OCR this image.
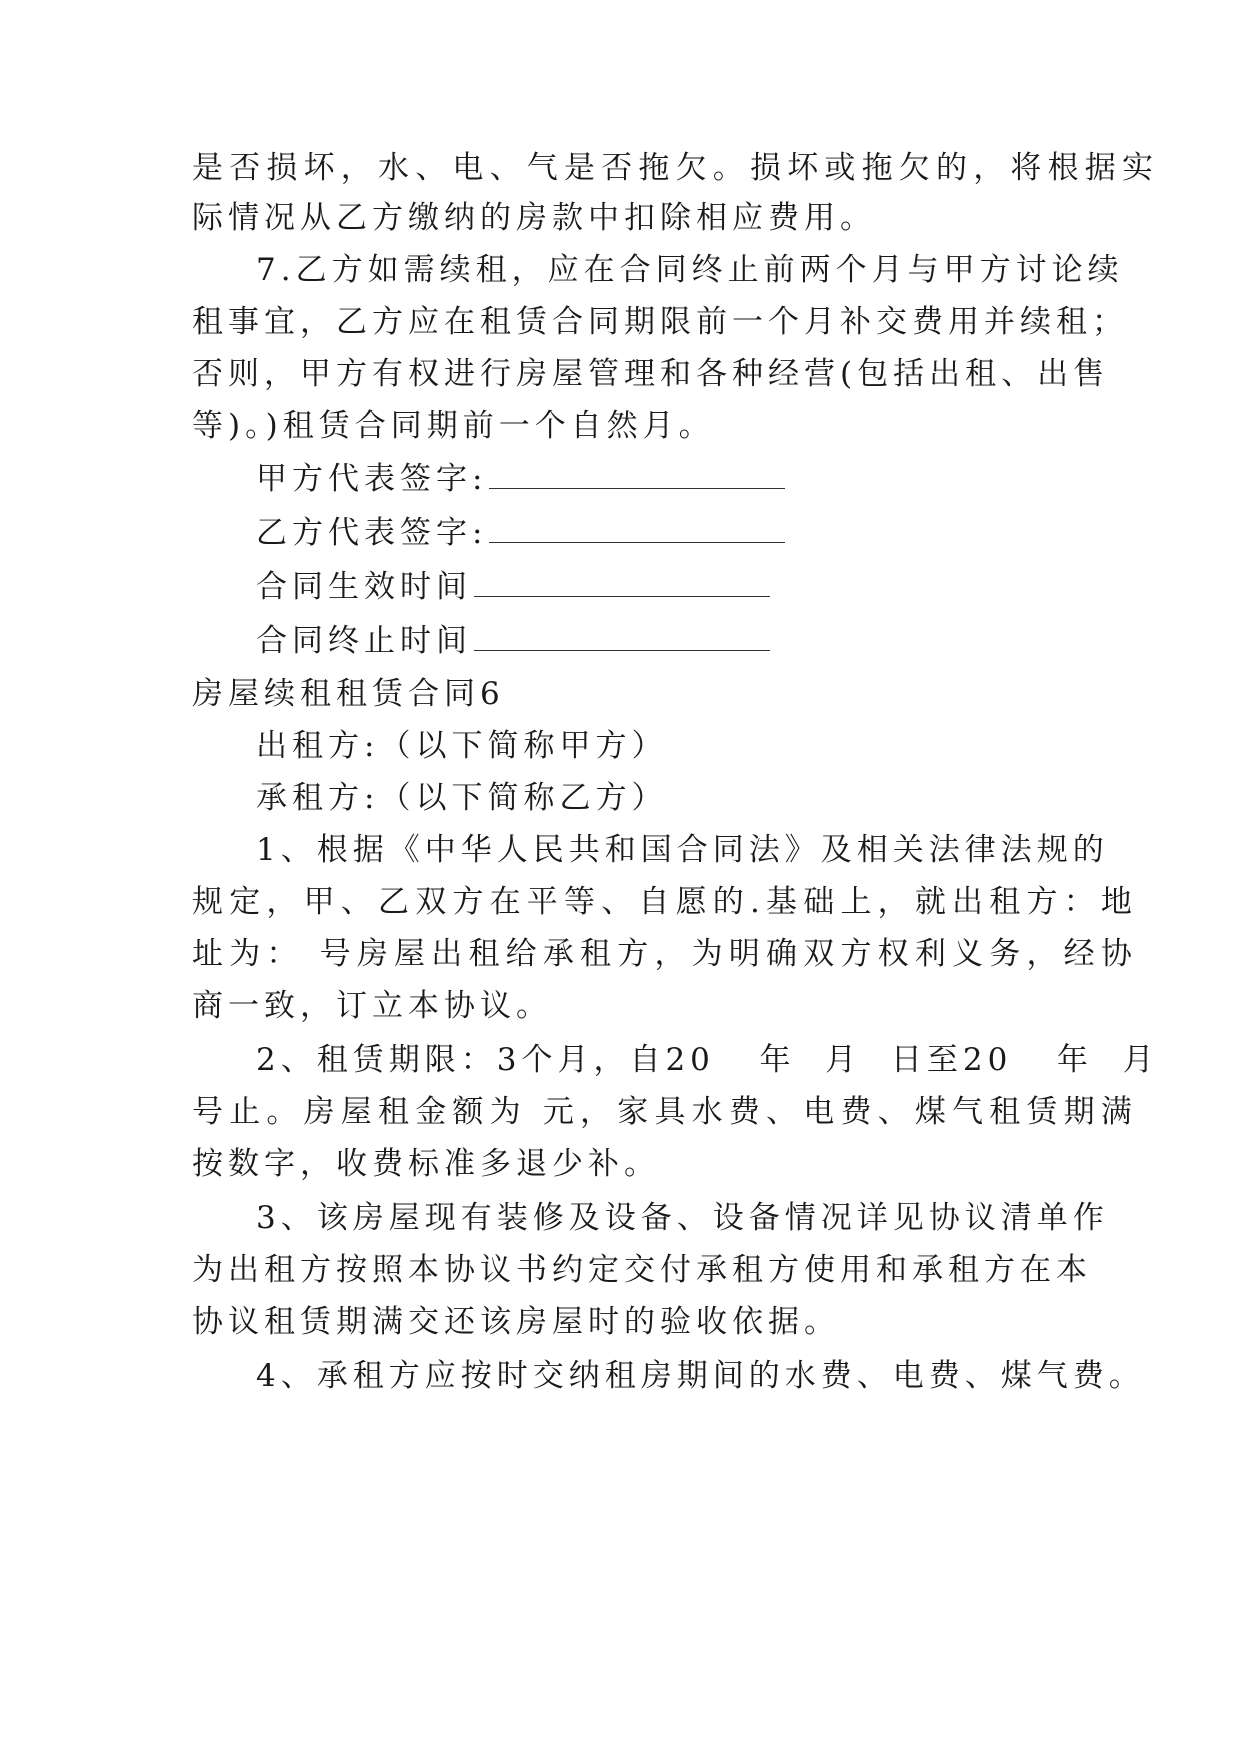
是否损坏，水、电、气是否拖欠。损坏或拖欠的，将根据实
际情况从乙方缴纳的房款中扣除相应费用。
7.乙方如需续租，应在合同终止前两个月与甲方讨论续
租事宜，乙方应在租赁合同期限前一个月补交费用并续租；
否则，甲方有权进行房屋管理和各种经营(包括出租、出售
等)。)租赁合同期前一个自然月。
甲方代表签字:
乙方代表签字:
合同生效时间
合同终止时间
房屋续租租赁合同6
出租方:（以下简称甲方）
承租方:（以下简称乙方）
1、根据《中华人民共和国合同法》及相关法律法规的
规定，甲、乙双方在平等、自愿的.基础上，就出租方：地
址为： 号房屋出租给承租方，为明确双方权利义务，经协
商一致，订立本协议。
2、租赁期限：3个月，自20   年  月  日至20   年  月
号止。房屋租金额为 元，家具水费、电费、煤气租赁期满
按数字，收费标准多退少补。
3、该房屋现有装修及设备、设备情况详见协议清单作
为出租方按照本协议书约定交付承租方使用和承租方在本
协议租赁期满交还该房屋时的验收依据。
4、承租方应按时交纳租房期间的水费、电费、煤气费。
